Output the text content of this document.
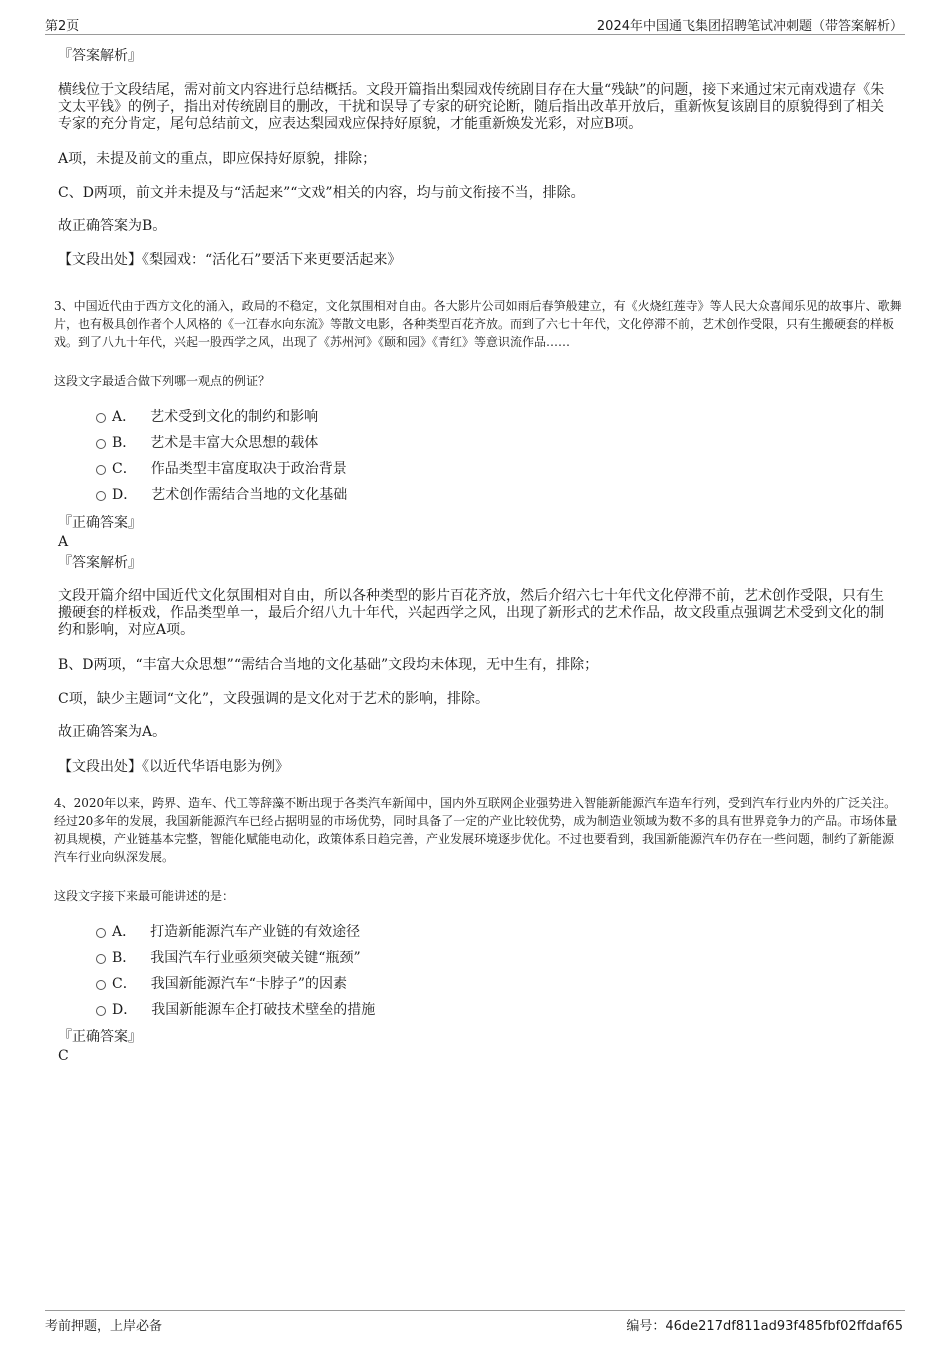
第2页	2024年中国通飞集团招聘笔试冲刺题（带答案解析）
『答案解析』
横线位于文段结尾，需对前文内容进行总结概括。文段开篇指出梨园戏传统剧目存在大量“残缺”的问题，接下来通过宋元南戏遗存《朱文太平钱》的例子，指出对传统剧目的删改，干扰和误导了专家的研究论断，随后指出改革开放后，重新恢复该剧目的原貌得到了相关专家的充分肯定，尾句总结前文，应表达梨园戏应保持好原貌，才能重新焕发光彩，对应B项。
A项，未提及前文的重点，即应保持好原貌，排除；
C、D两项，前文并未提及与“活起来”“文戏”相关的内容，均与前文衔接不当，排除。
故正确答案为B。
【文段出处】《梨园戏：“活化石”要活下来更要活起来》
3、中国近代由于西方文化的涌入，政局的不稳定，文化氛围相对自由。各大影片公司如雨后春笋般建立，有《火烧红莲寺》等人民大众喜闻乐见的故事片、歌舞片，也有极具创作者个人风格的《一江春水向东流》等散文电影，各种类型百花齐放。而到了六七十年代，文化停滞不前，艺术创作受限，只有生搬硬套的样板戏。到了八九十年代，兴起一股西学之风，出现了《苏州河》《颐和园》《青红》等意识流作品……
这段文字最适合做下列哪一观点的例证？
A． 艺术受到文化的制约和影响
B． 艺术是丰富大众思想的载体
C． 作品类型丰富度取决于政治背景
D． 艺术创作需结合当地的文化基础
『正确答案』
A
『答案解析』
文段开篇介绍中国近代文化氛围相对自由，所以各种类型的影片百花齐放，然后介绍六七十年代文化停滞不前，艺术创作受限，只有生搬硬套的样板戏，作品类型单一，最后介绍八九十年代，兴起西学之风，出现了新形式的艺术作品，故文段重点强调艺术受到文化的制约和影响，对应A项。
B、D两项，“丰富大众思想”“需结合当地的文化基础”文段均未体现，无中生有，排除；
C项，缺少主题词“文化”，文段强调的是文化对于艺术的影响，排除。
故正确答案为A。
【文段出处】《以近代华语电影为例》
4、2020年以来，跨界、造车、代工等辞藻不断出现于各类汽车新闻中，国内外互联网企业强势进入智能新能源汽车造车行列，受到汽车行业内外的广泛关注。经过20多年的发展，我国新能源汽车已经占据明显的市场优势，同时具备了一定的产业比较优势，成为制造业领域为数不多的具有世界竞争力的产品。市场体量初具规模，产业链基本完整，智能化赋能电动化，政策体系日趋完善，产业发展环境逐步优化。不过也要看到，我国新能源汽车仍存在一些问题，制约了新能源汽车行业向纵深发展。
这段文字接下来最可能讲述的是：
A． 打造新能源汽车产业链的有效途径
B． 我国汽车行业亟须突破关键“瓶颈”
C． 我国新能源汽车“卡脖子”的因素
D． 我国新能源车企打破技术壁垒的措施
『正确答案』
C
考前押题，上岸必备	编号：46de217df811ad93f485fbf02ffdaf65
